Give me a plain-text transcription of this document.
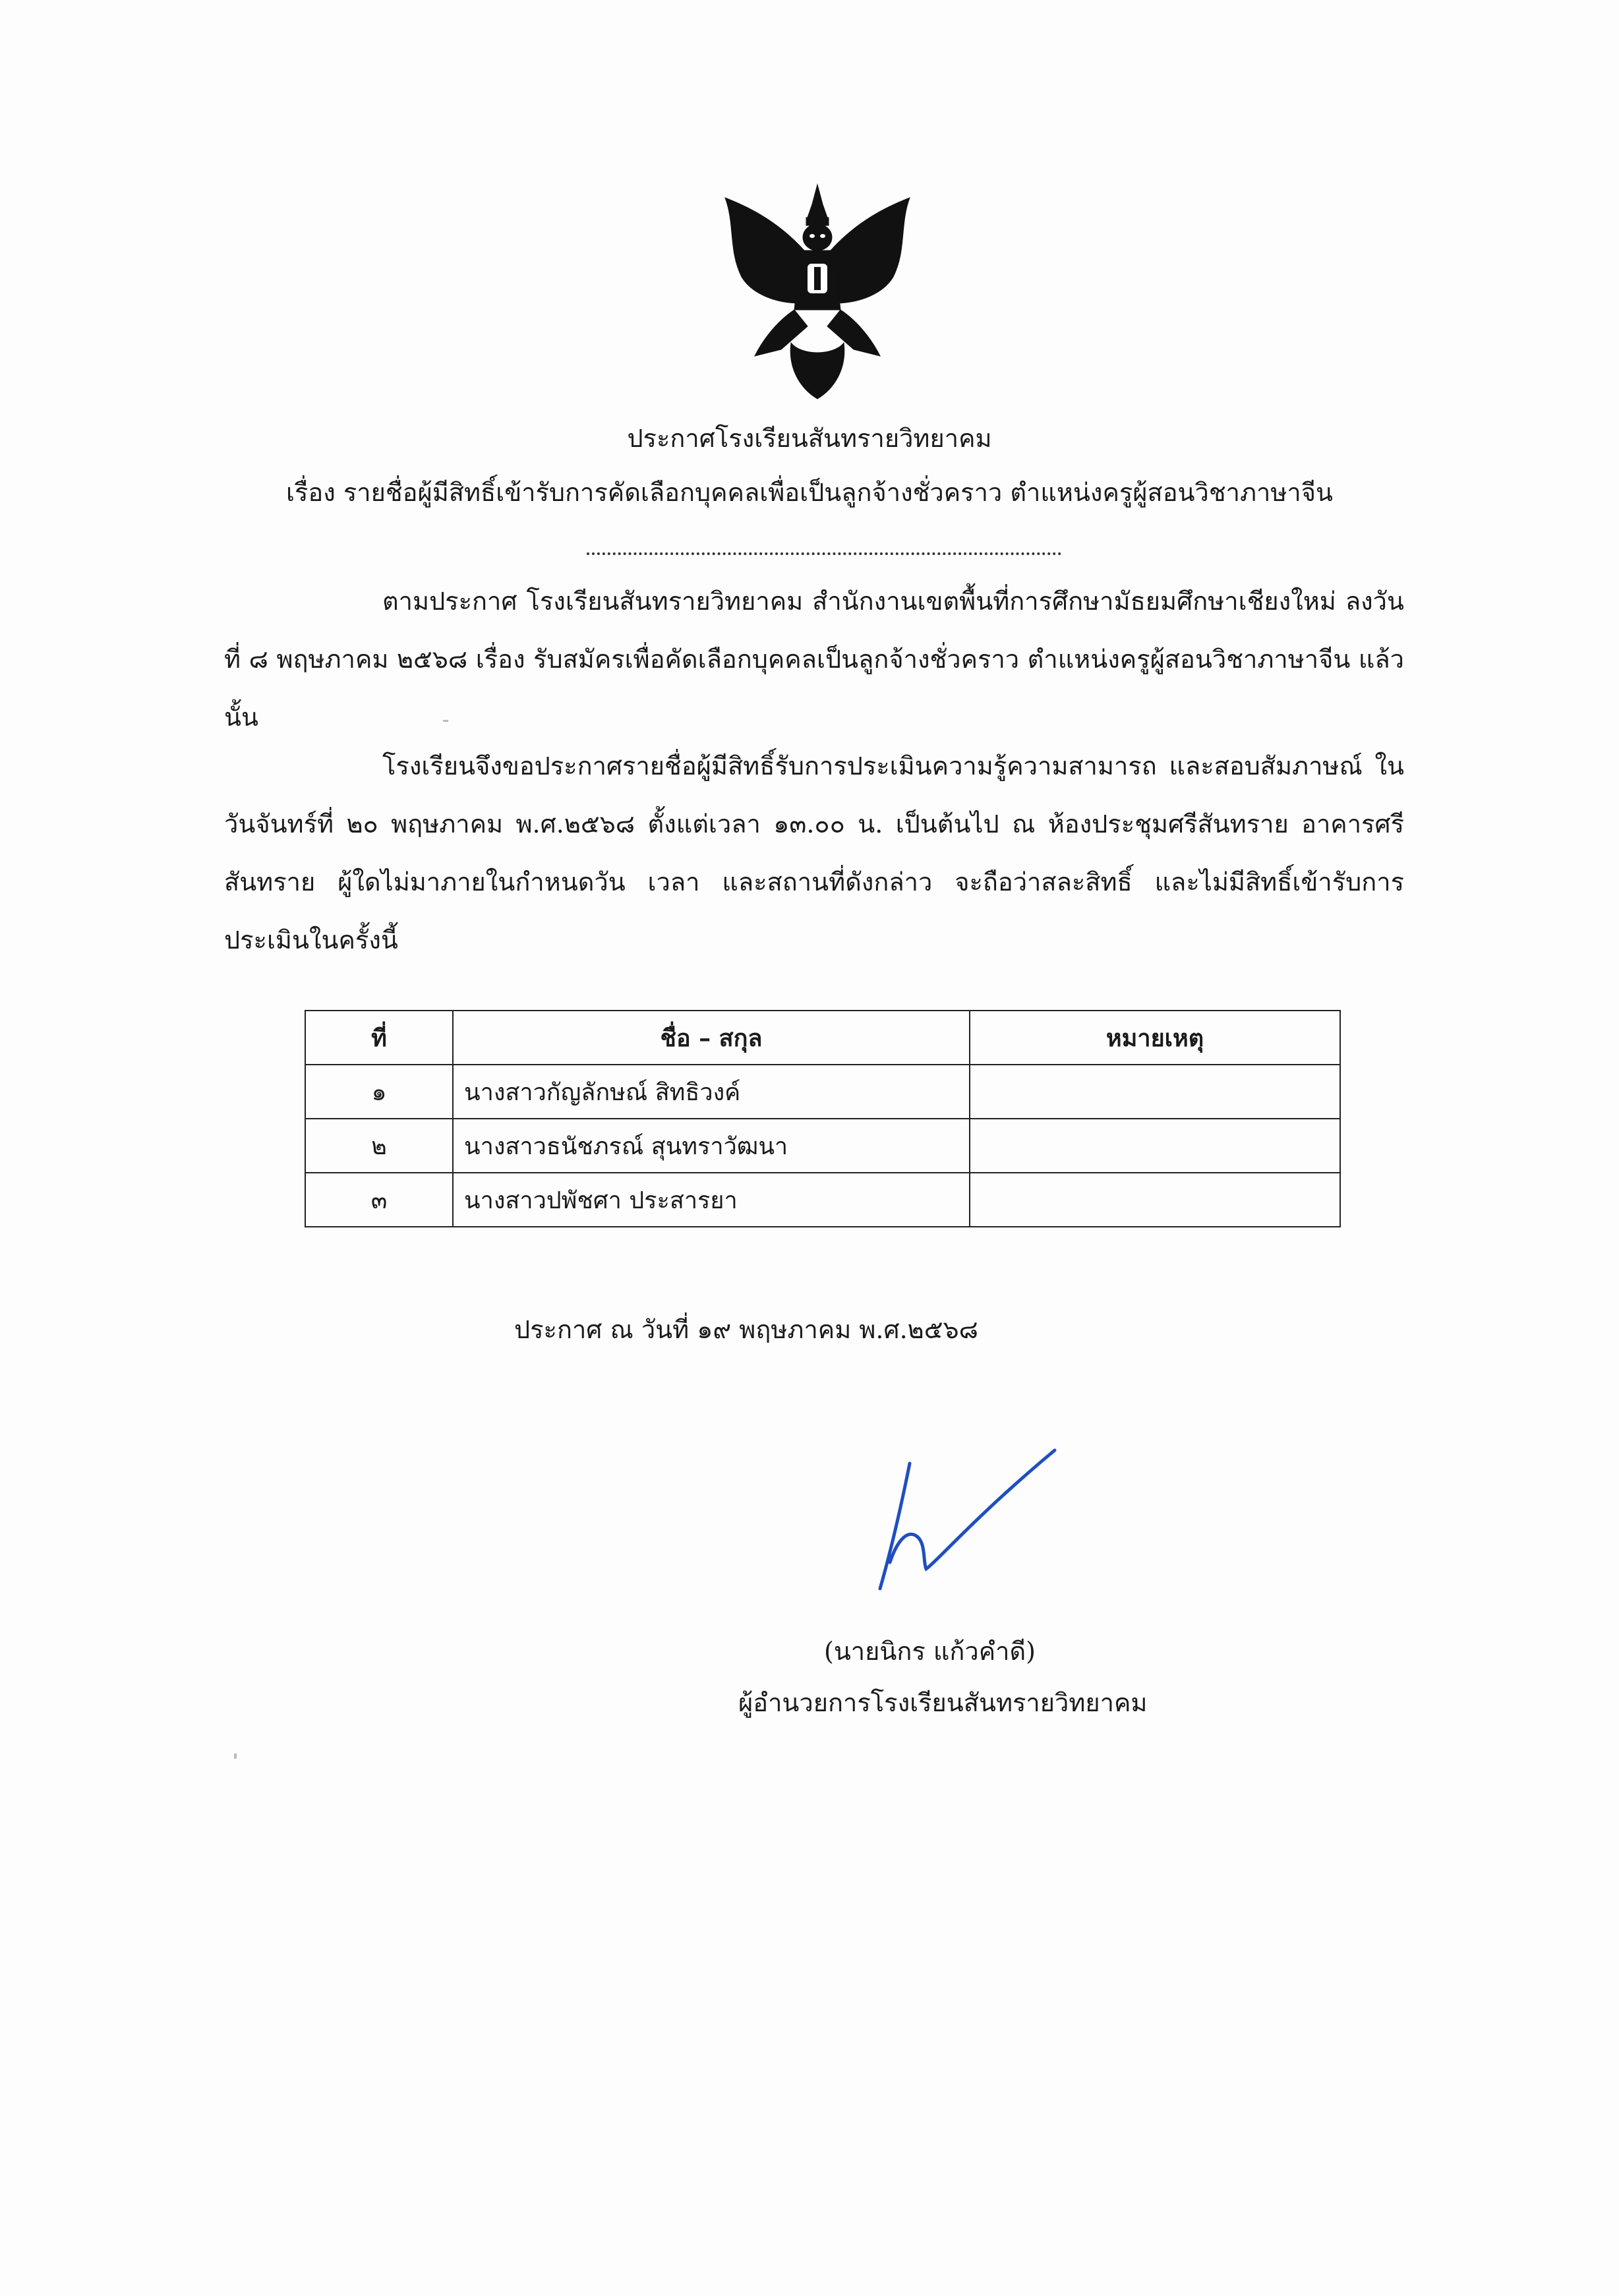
ประกาศโรงเรียนสันทรายวิทยาคม
เรื่อง รายชื่อผู้มีสิทธิ์เข้ารับการคัดเลือกบุคคลเพื่อเป็นลูกจ้างชั่วคราว ตำแหน่งครูผู้สอนวิชาภาษาจีน
ตามประกาศ โรงเรียนสันทรายวิทยาคม สำนักงานเขตพื้นที่การศึกษามัธยมศึกษาเชียงใหม่ ลงวันที่ ๘ พฤษภาคม ๒๕๖๘ เรื่อง รับสมัครเพื่อคัดเลือกบุคคลเป็นลูกจ้างชั่วคราว ตำแหน่งครูผู้สอนวิชาภาษาจีน แล้วนั้น
โรงเรียนจึงขอประกาศรายชื่อผู้มีสิทธิ์รับการประเมินความรู้ความสามารถ และสอบสัมภาษณ์ ในวันจันทร์ที่ ๒๐ พฤษภาคม พ.ศ.๒๕๖๘ ตั้งแต่เวลา ๑๓.๐๐ น. เป็นต้นไป ณ ห้องประชุมศรีสันทราย อาคารศรีสันทราย ผู้ใดไม่มาภายในกำหนดวัน เวลา และสถานที่ดังกล่าว จะถือว่าสละสิทธิ์ และไม่มีสิทธิ์เข้ารับการประเมินในครั้งนี้
ที่	ชื่อ – สกุล	หมายเหตุ
๑	นางสาวกัญลักษณ์ สิทธิวงค์	
๒	นางสาวธนัชภรณ์ สุนทราวัฒนา	
๓	นางสาวปพัชศา ประสารยา	
ประกาศ ณ วันที่ ๑๙ พฤษภาคม พ.ศ.๒๕๖๘
(นายนิกร แก้วคำดี)
ผู้อำนวยการโรงเรียนสันทรายวิทยาคม
